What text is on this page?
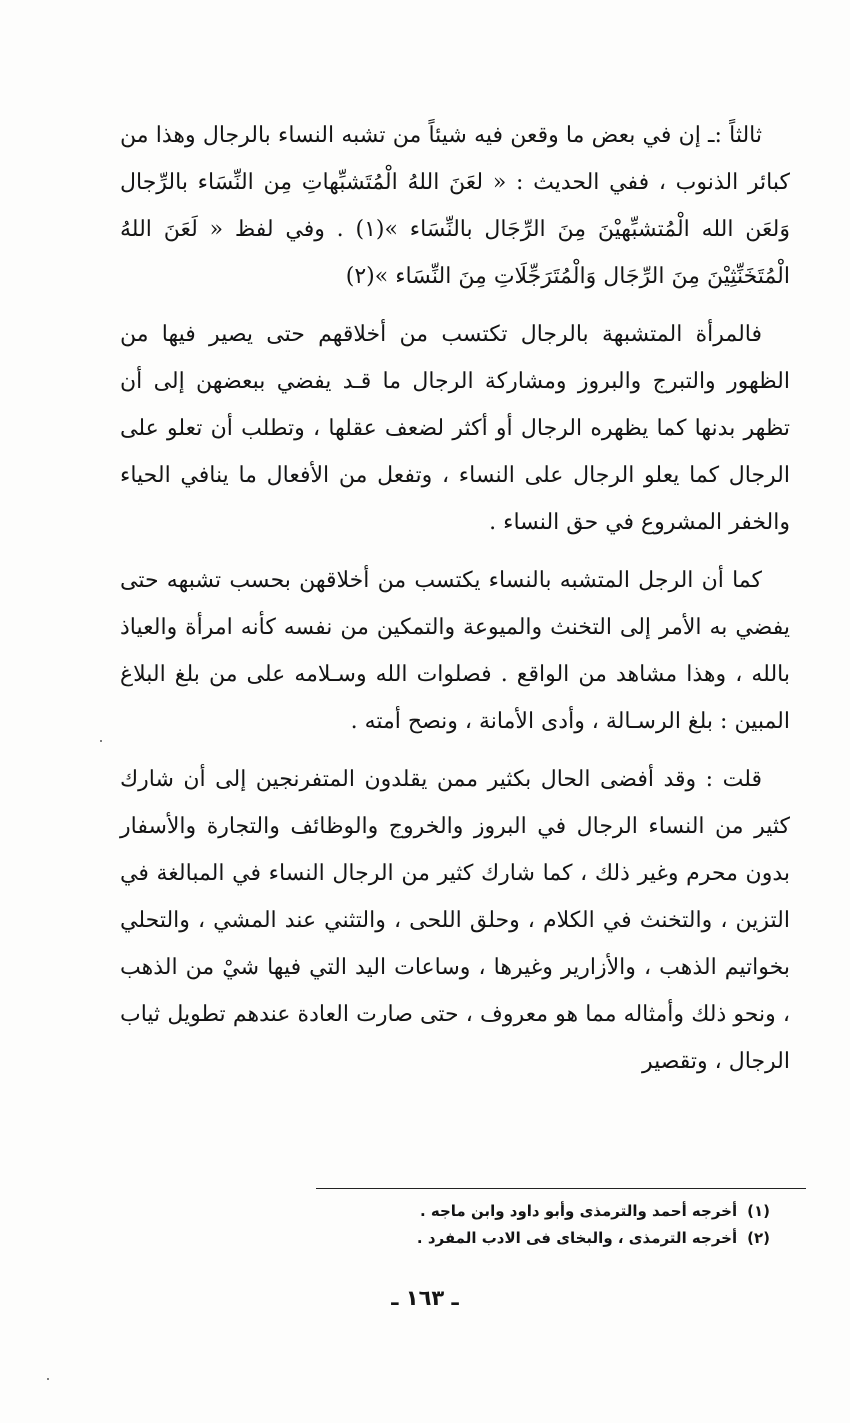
ثالثاً :ـ إن في بعض ما وقعن فيه شيئاً من تشبه النساء بالرجال وهذا من كبائر الذنوب ، ففي الحديث : « لعَنَ اللهُ الْمُتَشبِّهاتِ مِن النِّسَاء بالرِّجال وَلعَن الله الْمُتشبِّهيْنَ مِنَ الرِّجَال بالنِّسَاء »(١) . وفي لفظ « لَعَنَ اللهُ الْمُتَخَنِّثِيْنَ مِنَ الرِّجَال وَالْمُتَرَجِّلَاتِ مِنَ النِّسَاء »(٢)

فالمرأة المتشبهة بالرجال تكتسب من أخلاقهم حتى يصير فيها من الظهور والتبرج والبروز ومشاركة الرجال ما قـد يفضي ببعضهن إلى أن تظهر بدنها كما يظهره الرجال أو أكثر لضعف عقلها ، وتطلب أن تعلو على الرجال كما يعلو الرجال على النساء ، وتفعل من الأفعال ما ينافي الحياء والخفر المشروع في حق النساء .

كما أن الرجل المتشبه بالنساء يكتسب من أخلاقهن بحسب تشبهه حتى يفضي به الأمر إلى التخنث والميوعة والتمكين من نفسه كأنه امرأة والعياذ بالله ، وهذا مشاهد من الواقع . فصلوات الله وسـلامه على من بلغ البلاغ المبين : بلغ الرسـالة ، وأدى الأمانة ، ونصح أمته .

قلت : وقد أفضى الحال بكثير ممن يقلدون المتفرنجين إلى أن شارك كثير من النساء الرجال في البروز والخروج والوظائف والتجارة والأسفار بدون محرم وغير ذلك ، كما شارك كثير من الرجال النساء في المبالغة في التزين ، والتخنث في الكلام ، وحلق اللحى ، والتثني عند المشي ، والتحلي بخواتيم الذهب ، والأزارير وغيرها ، وساعات اليد التي فيها شيْ من الذهب ، ونحو ذلك وأمثاله مما هو معروف ، حتى صارت العادة عندهم تطويل ثياب الرجال ، وتقصير

(١)أخرجه أحمد والترمذى وأبو داود وابن ماجه .
(٢)أخرجه الترمذى ، والبخاى فى الادب المفرد .
ـ ١٦٣ ـ
